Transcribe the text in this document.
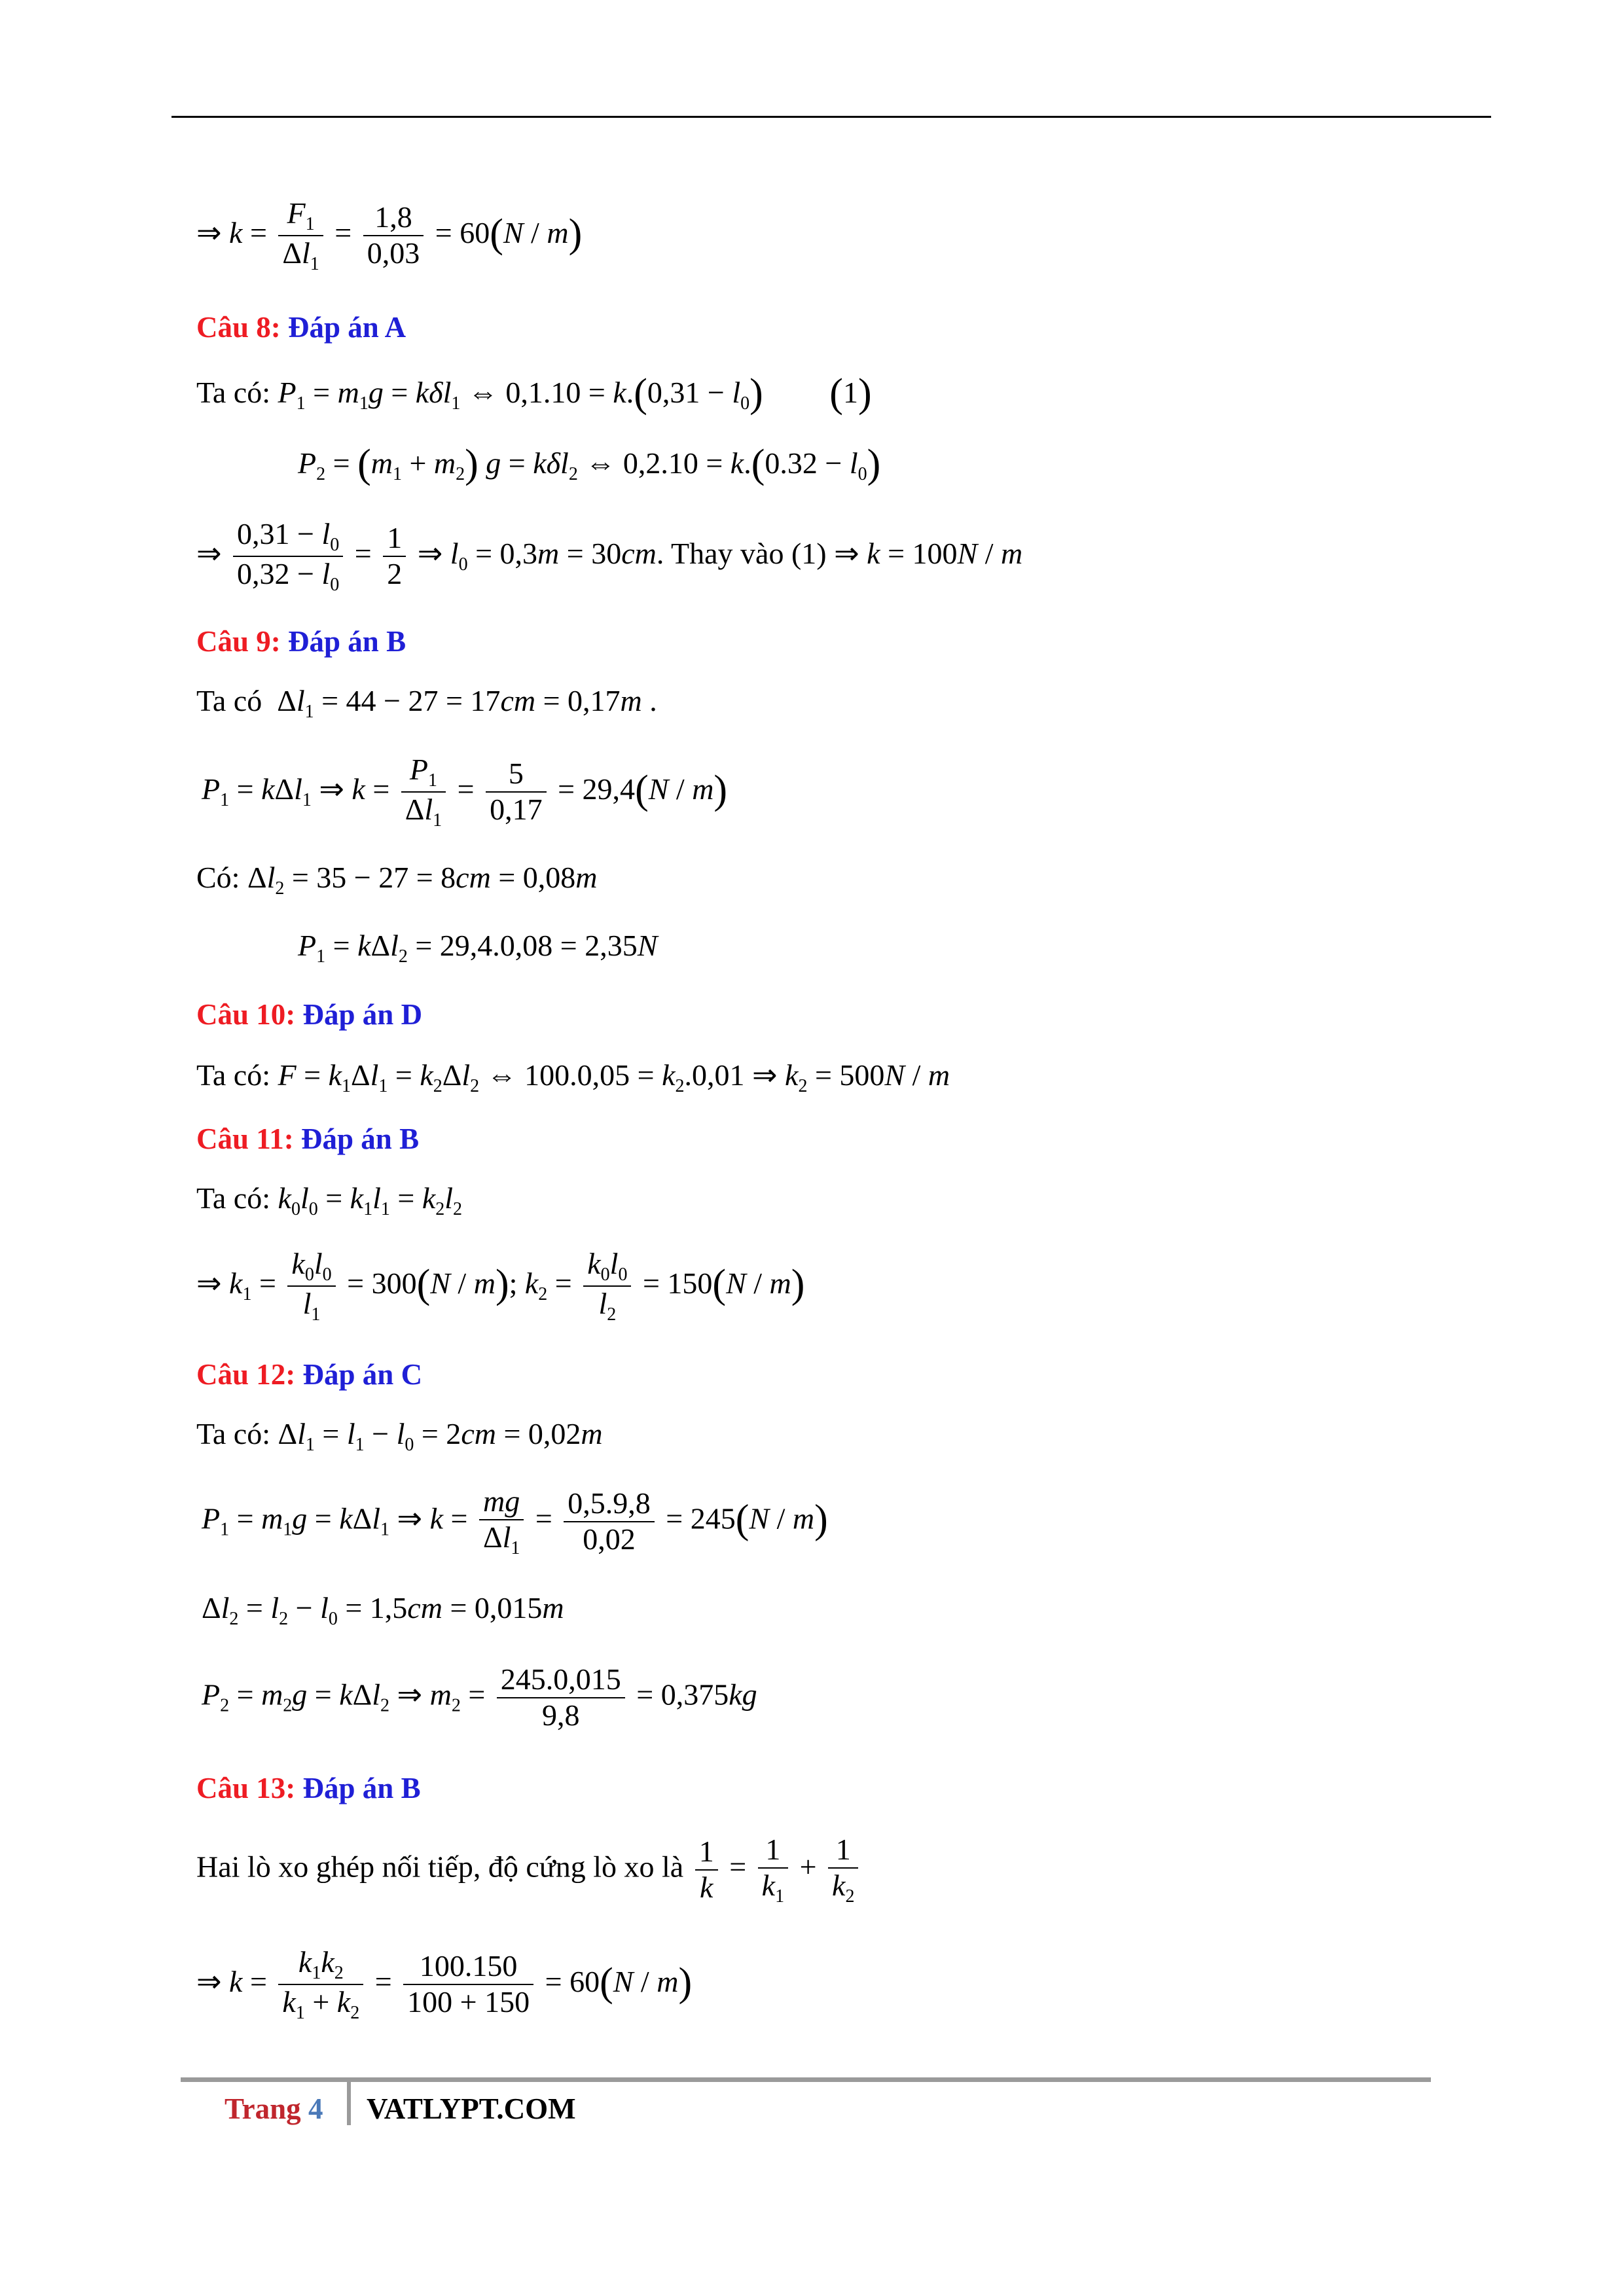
⇒ $k = \frac{F_1}{\Delta l_1} = \frac{1,8}{0,03} = 60(N / m)$
Câu 8: Đáp án A
Ta có: $P_1 = m_1g = k\delta l_1$ ⇔ $0,1.10 = k.(0,31 - l_0)$ (1)
$P_2 = (m_1 + m_2) g = k\delta l_2$ ⇔ $0,2.10 = k.(0.32 - l_0)$
⇒ $\frac{0,31 - l_0}{0,32 - l_0} = \frac{1}{2}$ ⇒ $l_0 = 0,3m = 30cm$. Thay vào (1) ⇒ k = 100N / m
Câu 9: Đáp án B
Ta có  $\Delta l_1 = 44 - 27 = 17cm = 0,17m$ .
$P_1 = k\Delta l_1$ ⇒ $k = \frac{P_1}{\Delta l_1} = \frac{5}{0,17} = 29,4(N / m)$
Có: $\Delta l_2 = 35 - 27 = 8cm = 0,08m$
$P_1 = k\Delta l_2 = 29,4.0,08 = 2,35N$
Câu 10: Đáp án D
Ta có: $F = k_1\Delta l_1 = k_2\Delta l_2$ ⇔ $100.0,05 = k_2.0,01$ ⇒ $k_2 = 500N / m$
Câu 11: Đáp án B
Ta có: $k_0l_0 = k_1l_1 = k_2l_2$
⇒ $k_1 = \frac{k_0l_0}{l_1} = 300(N / m)$; $k_2 = \frac{k_0l_0}{l_2} = 150(N / m)$
Câu 12: Đáp án C
Ta có: $\Delta l_1 = l_1 - l_0 = 2cm = 0,02m$
$P_1 = m_1g = k\Delta l_1$ ⇒ $k = \frac{mg}{\Delta l_1} = \frac{0,5.9,8}{0,02} = 245(N / m)$
$\Delta l_2 = l_2 - l_0 = 1,5cm = 0,015m$
$P_2 = m_2g = k\Delta l_2$ ⇒ $m_2 = \frac{245.0,015}{9,8} = 0,375kg$
Câu 13: Đáp án B
Hai lò xo ghép nối tiếp, độ cứng lò xo là $\frac{1}{k} = \frac{1}{k_1} + \frac{1}{k_2}$
⇒ $k = \frac{k_1k_2}{k_1 + k_2} = \frac{100.150}{100 + 150} = 60(N / m)$
Trang 4 VATLYPT.COM
